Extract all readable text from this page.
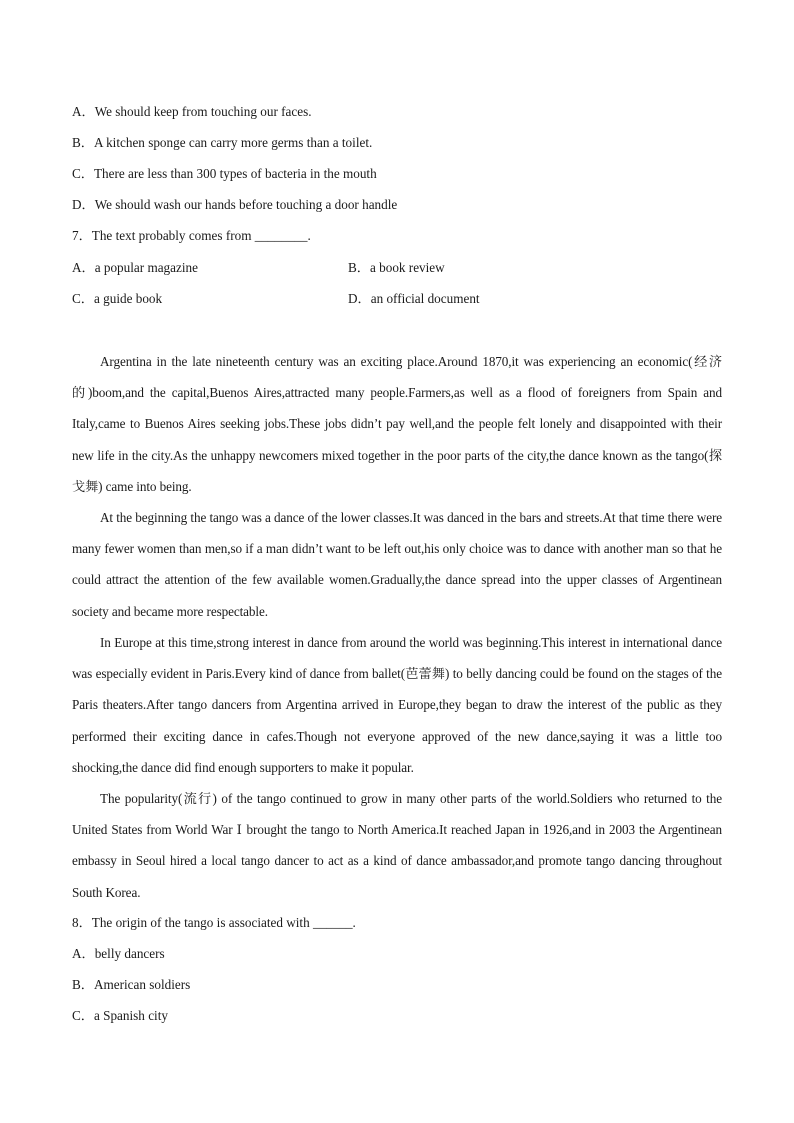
A．We should keep from touching our faces.
B．A kitchen sponge can carry more germs than a toilet.
C．There are less than 300 types of bacteria in the mouth
D．We should wash our hands before touching a door handle
7．The text probably comes from ________.
A．a popular magazine	B．a book review
C．a guide book	D．an official document

Argentina in the late nineteenth century was an exciting place.Around 1870,it was experiencing an economic(经济的)boom,and the capital,Buenos Aires,attracted many people.Farmers,as well as a flood of foreigners from Spain and Italy,came to Buenos Aires seeking jobs.These jobs didn’t pay well,and the people felt lonely and disappointed with their new life in the city.As the unhappy newcomers mixed together in the poor parts of the city,the dance known as the tango(探戈舞) came into being.

At the beginning the tango was a dance of the lower classes.It was danced in the bars and streets.At that time there were many fewer women than men,so if a man didn’t want to be left out,his only choice was to dance with another man so that he could attract the attention of the few available women.Gradually,the dance spread into the upper classes of Argentinean society and became more respectable.

In Europe at this time,strong interest in dance from around the world was beginning.This interest in international dance was especially evident in Paris.Every kind of dance from ballet(芭蕾舞) to belly dancing could be found on the stages of the Paris theaters.After tango dancers from Argentina arrived in Europe,they began to draw the interest of the public as they performed their exciting dance in cafes.Though not everyone approved of the new dance,saying it was a little too shocking,the dance did find enough supporters to make it popular.

The popularity(流行) of the tango continued to grow in many other parts of the world.Soldiers who returned to the United States from World War Ⅰ brought the tango to North America.It reached Japan in 1926,and in 2003 the Argentinean embassy in Seoul hired a local tango dancer to act as a kind of dance ambassador,and promote tango dancing throughout South Korea.

8．The origin of the tango is associated with ______.
A．belly dancers
B．American soldiers
C．a Spanish city
